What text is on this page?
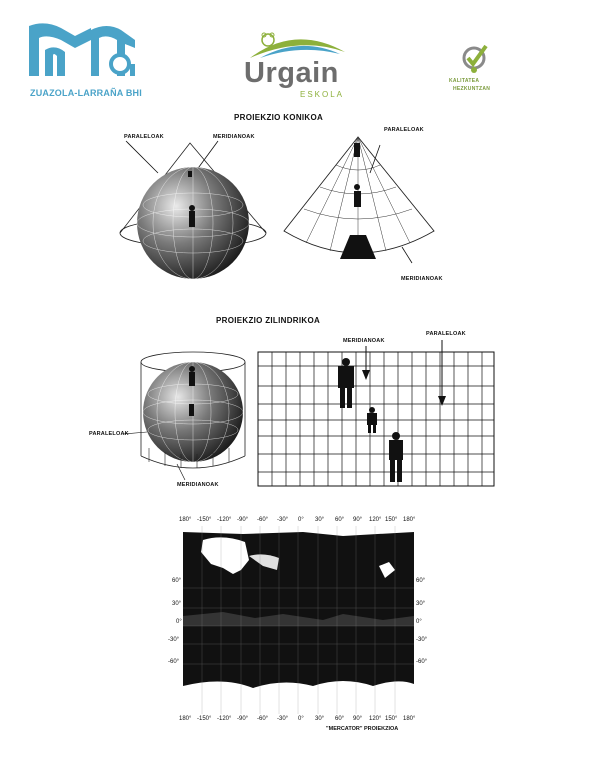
ZUAZOLA-LARRAÑA BHI
Urgain
ESKOLA
KALITATEA
HEZKUNTZAN
PROIEKZIO KONIKOA
PARALELOAK	MERIDIANOAK
PARALELOAK
MERIDIANOAK
PROIEKZIO ZILINDRIKOA
MERIDIANOAK
PARALELOAK
PARALELOAK
MERIDIANOAK
180° -150° -120° -90° -60° -30° 0° 30° 60° 90° 120° 150° 180°
180° -150° -120° -90° -60° -30° 0° 30° 60° 90° 120° 150° 180°
60°
30°
0°
-30°
-60°
60°
30°
0°
-30°
-60°
"MERCATOR" PROIEKZIOA
